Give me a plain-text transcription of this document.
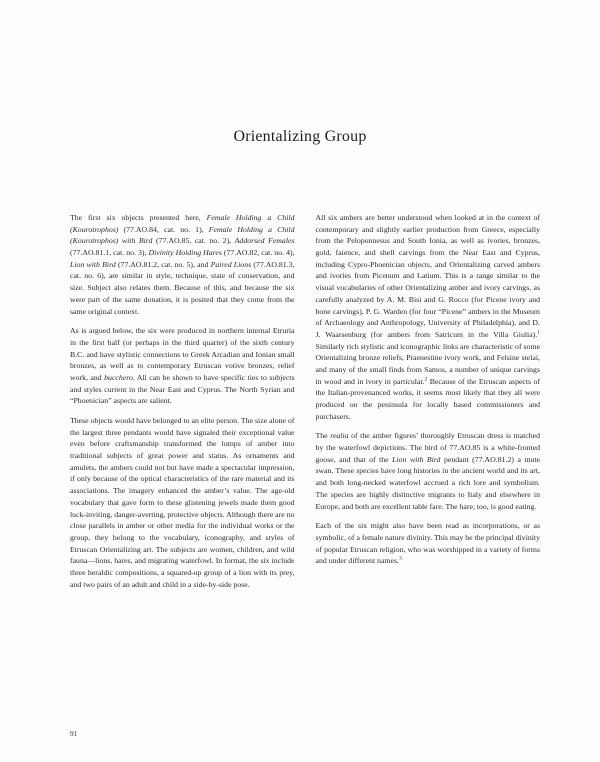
Orientalizing Group

The first six objects presented here, Female Holding a Child (Kourotrophos) (77.AO.84, cat. no. 1), Female Holding a Child (Kourotrophos) with Bird (77.AO.85, cat. no. 2), Addorsed Females (77.AO.81.1, cat. no. 3), Divinity Holding Hares (77.AO.82, cat. no. 4), Lion with Bird (77.AO.81.2, cat. no. 5), and Paired Lions (77.AO.81.3, cat. no. 6), are similar in style, technique, state of conservation, and size. Subject also relates them. Because of this, and because the six were part of the same donation, it is posited that they come from the same original context.

As is argued below, the six were produced in northern internal Etruria in the first half (or perhaps in the third quarter) of the sixth century B.C. and have stylistic connections to Greek Arcadian and Ionian small bronzes, as well as to contemporary Etruscan votive bronzes, relief work, and bucchero. All can be shown to have specific ties to subjects and styles current in the Near East and Cyprus. The North Syrian and “Phoenician” aspects are salient.

These objects would have belonged to an elite person. The size alone of the largest three pendants would have signaled their exceptional value even before craftsmanship transformed the lumps of amber into traditional subjects of great power and status. As ornaments and amulets, the ambers could not but have made a spectacular impression, if only because of the optical characteristics of the rare material and its associations. The imagery enhanced the amber’s value. The age-old vocabulary that gave form to these glistening jewels made them good luck-inviting, danger-averting, protective objects. Although there are no close parallels in amber or other media for the individual works or the group, they belong to the vocabulary, iconography, and styles of Etruscan Orientalizing art. The subjects are women, children, and wild fauna—lions, hares, and migrating waterfowl. In format, the six include three heraldic compositions, a squared-up group of a lion with its prey, and two pairs of an adult and child in a side-by-side pose.

All six ambers are better understood when looked at in the context of contemporary and slightly earlier production from Greece, especially from the Peloponnesus and South Ionia, as well as ivories, bronzes, gold, faience, and shell carvings from the Near East and Cyprus, including Cypro-Phoenician objects, and Orientalizing carved ambers and ivories from Picenum and Latium. This is a range similar to the visual vocabularies of other Orientalizing amber and ivory carvings, as carefully analyzed by A. M. Bisi and G. Rocco (for Picene ivory and bone carvings), P. G. Warden (for four “Picene” ambers in the Museum of Archaeology and Anthropology, University of Philadelphia), and D. J. Waarsenburg (for ambers from Satricum in the Villa Giulia).$^1$ Similarly rich stylistic and iconographic links are characteristic of some Orientalizing bronze reliefs, Praenestine ivory work, and Felsine stelai, and many of the small finds from Samos, a number of unique carvings in wood and in ivory in particular.$^2$ Because of the Etruscan aspects of the Italian-provenanced works, it seems most likely that they all were produced on the peninsula for locally based commissioners and purchasers.

The realia of the amber figures’ thoroughly Etruscan dress is matched by the waterfowl depictions. The bird of 77.AO.85 is a white-fronted goose, and that of the Lion with Bird pendant (77.AO.81.2) a mute swan. These species have long histories in the ancient world and its art, and both long-necked waterfowl accrued a rich lore and symbolism. The species are highly distinctive migrants to Italy and elsewhere in Europe, and both are excellent table fare. The hare, too, is good eating.

Each of the six might also have been read as incorporations, or as symbolic, of a female nature divinity. This may be the principal divinity of popular Etruscan religion, who was worshipped in a variety of forms and under different names.$^3$

91
